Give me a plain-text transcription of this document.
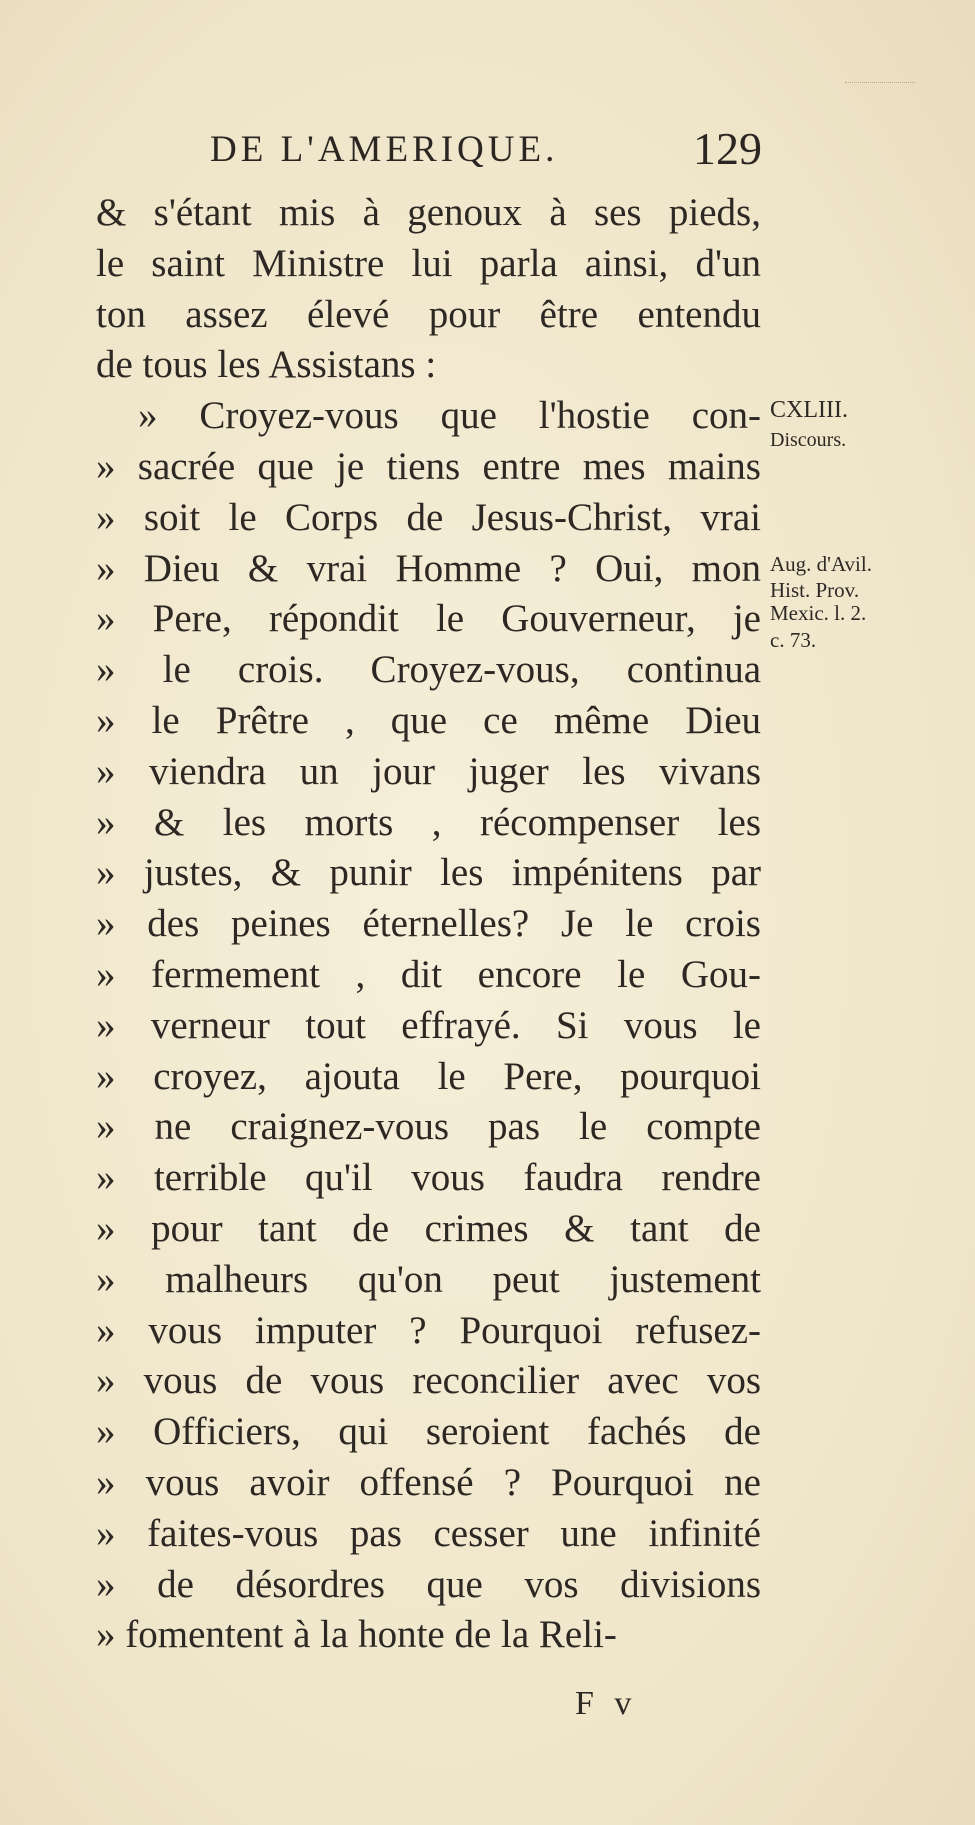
DE L'AMERIQUE.	129
& s'étant mis à genoux à ses pieds,
le saint Ministre lui parla ainsi, d'un
ton assez élevé pour être entendu
de tous les Assistans :
» Croyez-vous que l'hostie con-
» sacrée que je tiens entre mes mains
» soit le Corps de Jesus-Christ, vrai
» Dieu & vrai Homme ? Oui, mon
» Pere, répondit le Gouverneur, je
» le crois. Croyez-vous, continua
» le Prêtre , que ce même Dieu
» viendra un jour juger les vivans
» & les morts , récompenser les
» justes, & punir les impénitens par
» des peines éternelles? Je le crois
» fermement , dit encore le Gou-
» verneur tout effrayé. Si vous le
» croyez, ajouta le Pere, pourquoi
» ne craignez-vous pas le compte
» terrible qu'il vous faudra rendre
» pour tant de crimes & tant de
» malheurs qu'on peut justement
» vous imputer ? Pourquoi refusez-
» vous de vous reconcilier avec vos
» Officiers, qui seroient fachés de
» vous avoir offensé ? Pourquoi ne
» faites-vous pas cesser une infinité
» de désordres que vos divisions
» fomentent à la honte de la Reli-
CXLIII.
Discours.
Aug. d'Avil.
Hist. Prov.
Mexic. l. 2.
c. 73.
F v
